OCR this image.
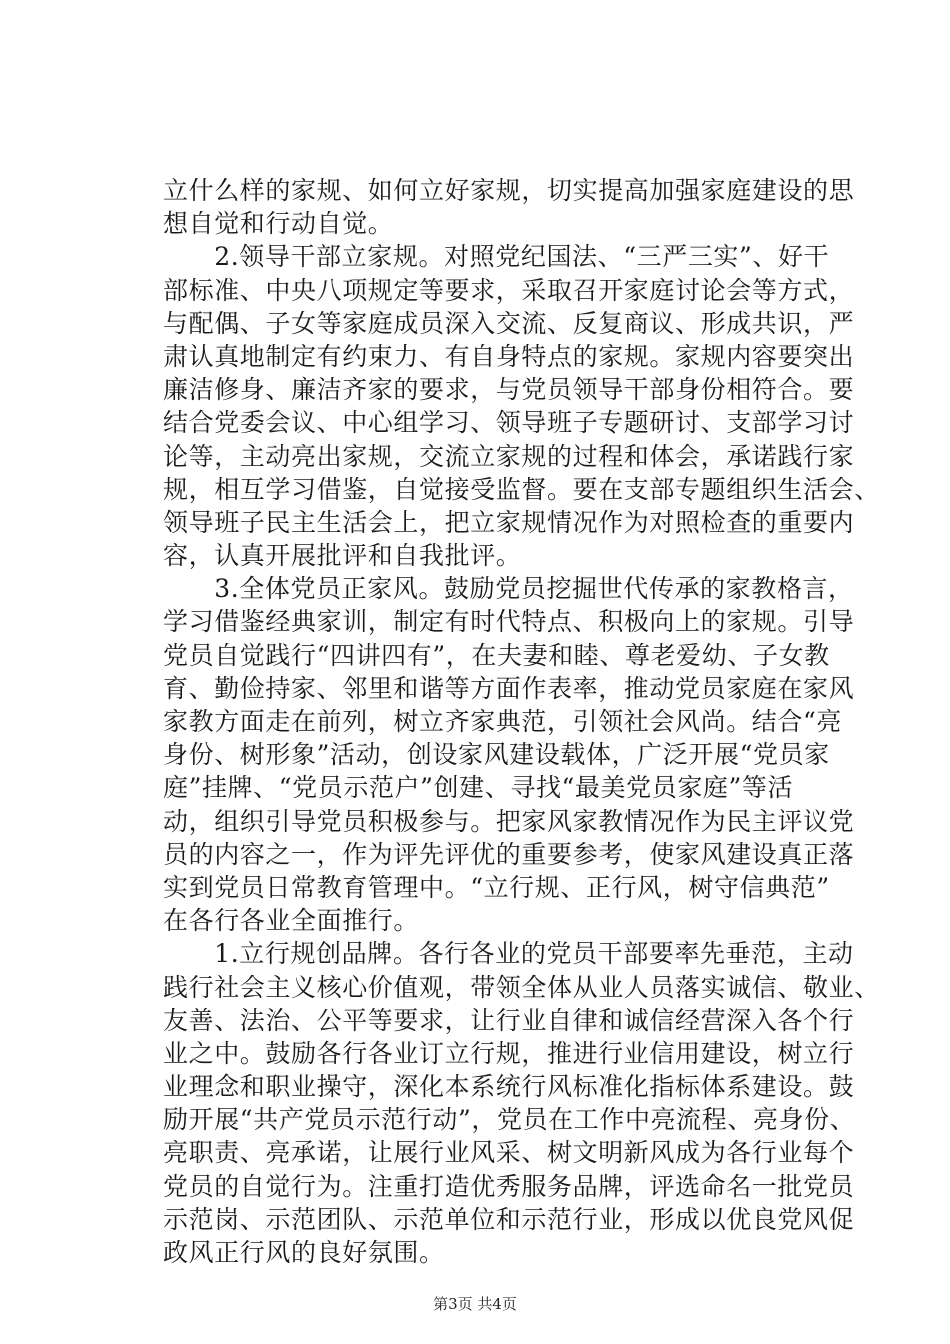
立什么样的家规、如何立好家规，切实提高加强家庭建设的思
想自觉和行动自觉。
　　2.领导干部立家规。对照党纪国法、“三严三实”、好干
部标准、中央八项规定等要求，采取召开家庭讨论会等方式，
与配偶、子女等家庭成员深入交流、反复商议、形成共识，严
肃认真地制定有约束力、有自身特点的家规。家规内容要突出
廉洁修身、廉洁齐家的要求，与党员领导干部身份相符合。要
结合党委会议、中心组学习、领导班子专题研讨、支部学习讨
论等，主动亮出家规，交流立家规的过程和体会，承诺践行家
规，相互学习借鉴，自觉接受监督。要在支部专题组织生活会、
领导班子民主生活会上，把立家规情况作为对照检查的重要内
容，认真开展批评和自我批评。
　　3.全体党员正家风。鼓励党员挖掘世代传承的家教格言，
学习借鉴经典家训，制定有时代特点、积极向上的家规。引导
党员自觉践行“四讲四有”，在夫妻和睦、尊老爱幼、子女教
育、勤俭持家、邻里和谐等方面作表率，推动党员家庭在家风
家教方面走在前列，树立齐家典范，引领社会风尚。结合“亮
身份、树形象”活动，创设家风建设载体，广泛开展“党员家
庭”挂牌、“党员示范户”创建、寻找“最美党员家庭”等活
动，组织引导党员积极参与。把家风家教情况作为民主评议党
员的内容之一，作为评先评优的重要参考，使家风建设真正落
实到党员日常教育管理中。“立行规、正行风，树守信典范”
在各行各业全面推行。
　　1.立行规创品牌。各行各业的党员干部要率先垂范，主动
践行社会主义核心价值观，带领全体从业人员落实诚信、敬业、
友善、法治、公平等要求，让行业自律和诚信经营深入各个行
业之中。鼓励各行各业订立行规，推进行业信用建设，树立行
业理念和职业操守，深化本系统行风标准化指标体系建设。鼓
励开展“共产党员示范行动”，党员在工作中亮流程、亮身份、
亮职责、亮承诺，让展行业风采、树文明新风成为各行业每个
党员的自觉行为。注重打造优秀服务品牌，评选命名一批党员
示范岗、示范团队、示范单位和示范行业，形成以优良党风促
政风正行风的良好氛围。
第3页 共4页
